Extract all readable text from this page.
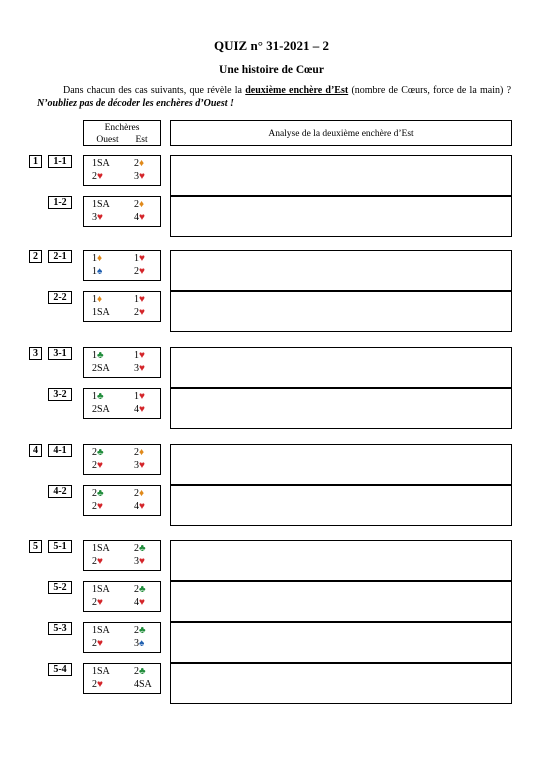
QUIZ n° 31-2021 – 2
Une histoire de Cœur
Dans chacun des cas suivants, que révèle la deuxième enchère d’Est (nombre de Cœurs, force de la main) ? N’oubliez pas de décoder les enchères d’Ouest !
Enchères
Ouest Est
Analyse de la deuxième enchère d’Est
1	1-1	1SA	2♦
2♥	3♥
1-2	1SA	2♦
3♥	4♥
2	2-1	1♦	1♥
1♠	2♥
2-2	1♦	1♥
1SA	2♥
3	3-1	1♣	1♥
2SA	3♥
3-2	1♣	1♥
2SA	4♥
4	4-1	2♣	2♦
2♥	3♥
4-2	2♣	2♦
2♥	4♥
5	5-1	1SA	2♣
2♥	3♥
5-2	1SA	2♣
2♥	4♥
5-3	1SA	2♣
2♥	3♠
5-4	1SA	2♣
2♥	4SA
